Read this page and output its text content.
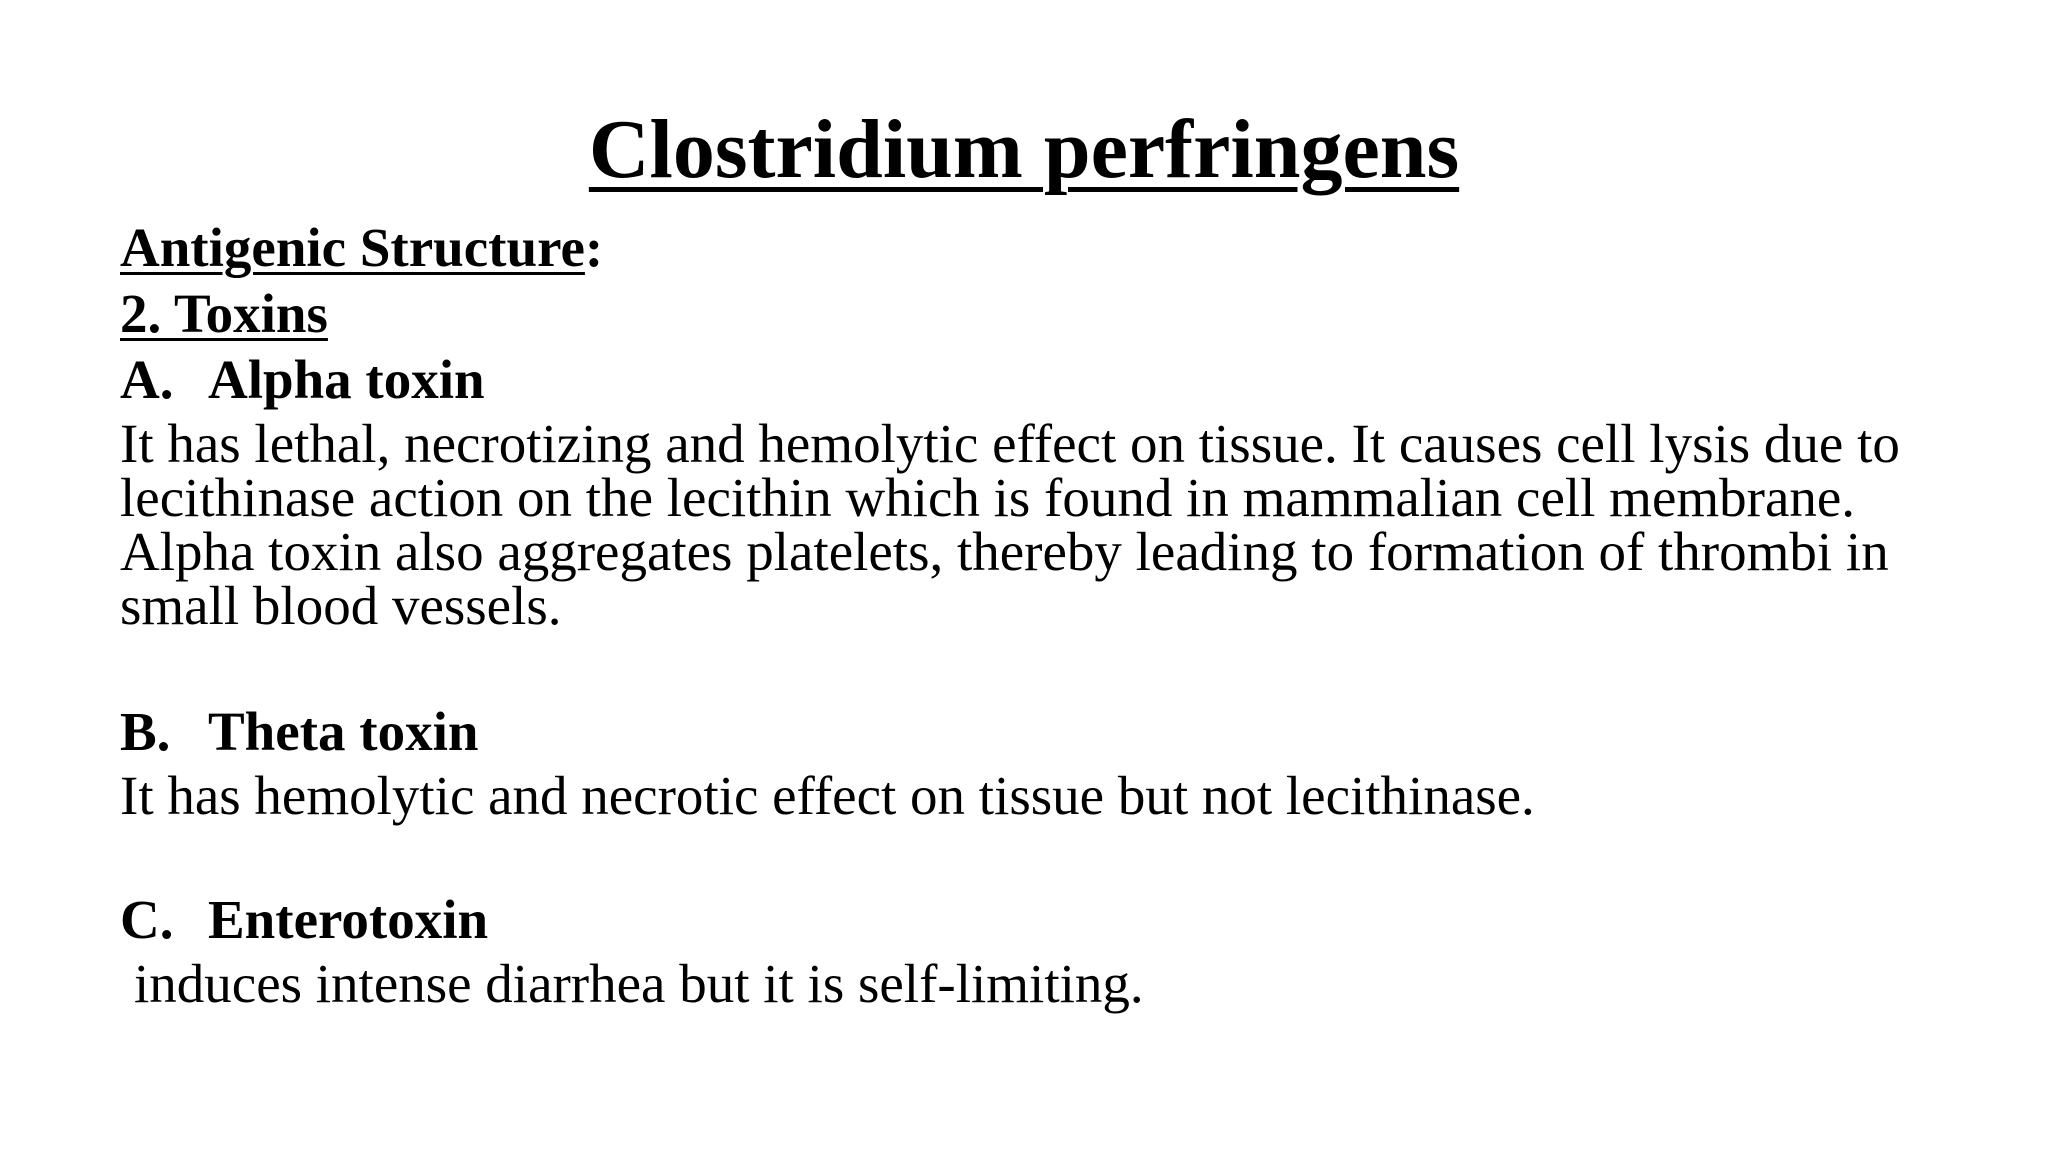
Clostridium perfringens

Antigenic Structure:

2. Toxins

A. Alpha toxin

It has lethal, necrotizing and hemolytic effect on tissue. It causes cell lysis due to lecithinase action on the lecithin which is found in mammalian cell membrane. Alpha toxin also aggregates platelets, thereby leading to formation of thrombi in small blood vessels.

B. Theta toxin

It has hemolytic and necrotic effect on tissue but not lecithinase.

C. Enterotoxin

induces intense diarrhea but it is self-limiting.
